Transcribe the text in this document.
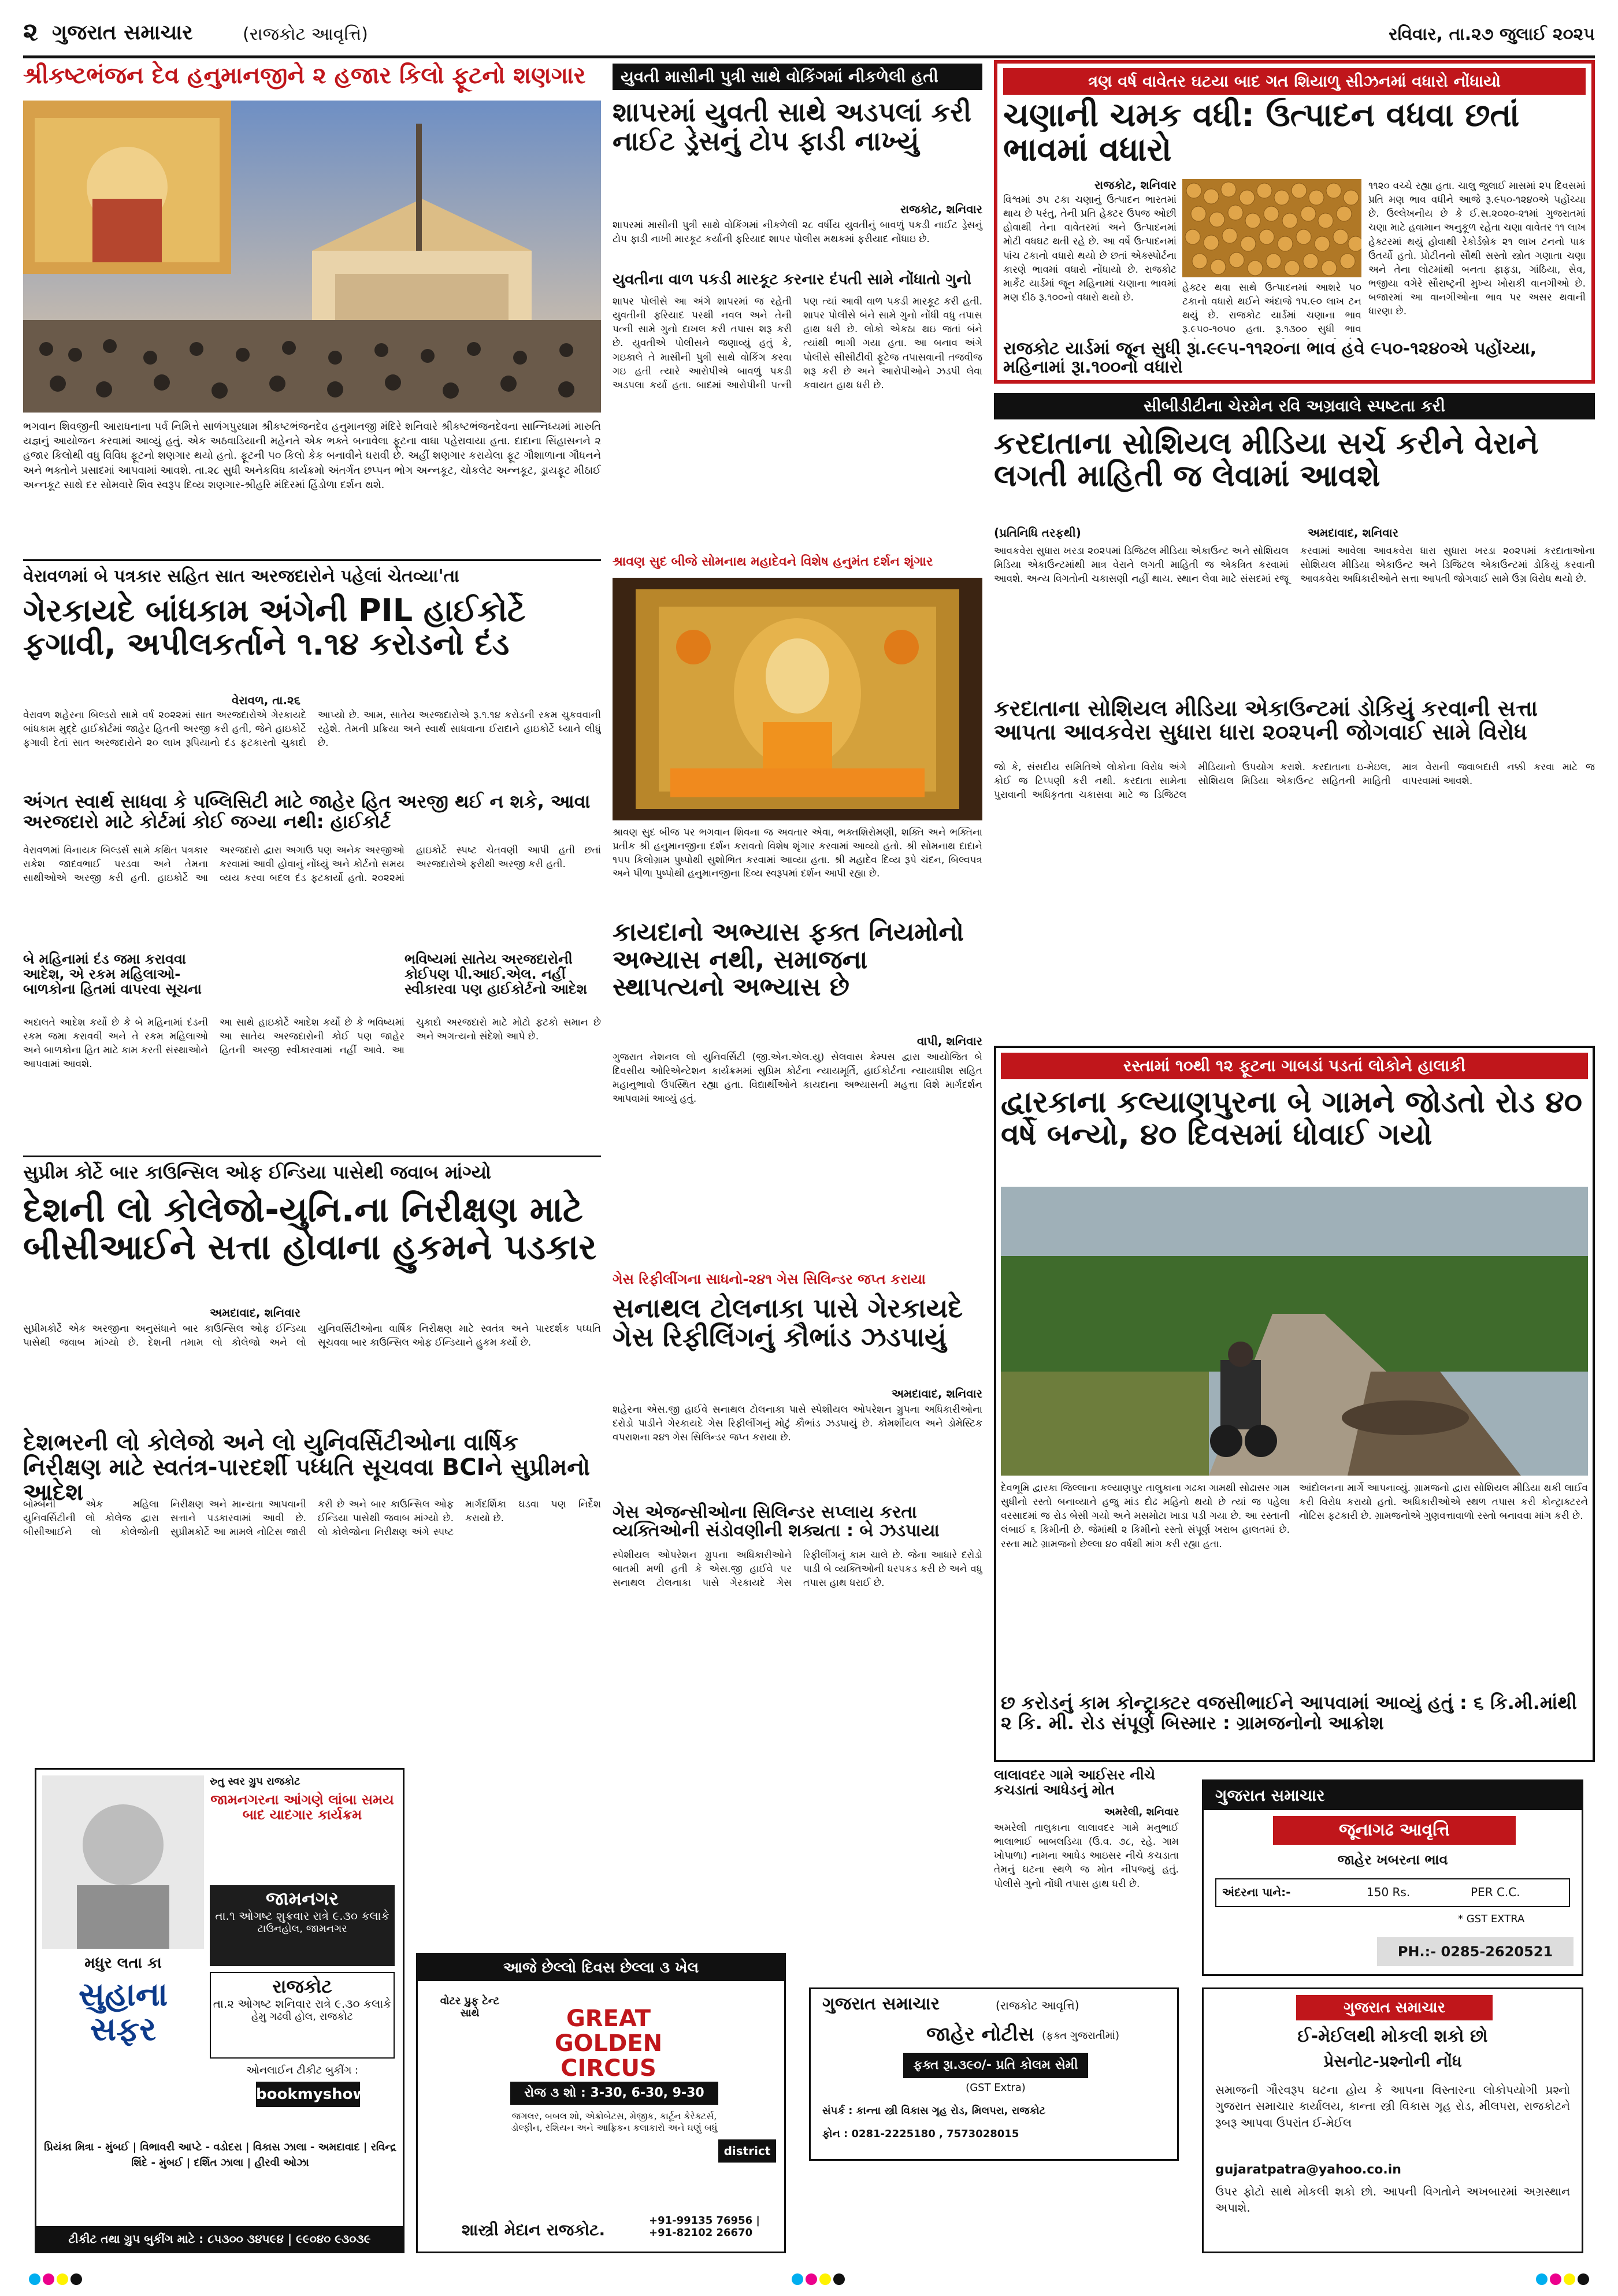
૨ ગુજરાત સમાચાર	(રાજકોટ આવૃત્તિ)	રવિવાર, તા.૨૭ જુલાઈ ૨૦૨૫
શ્રીકષ્ટભંજન દેવ હનુમાનજીને ૨ હજાર કિલો ફૂટનો શણગાર
ભગવાન શિવજીની આરાધનાના પર્વ નિમિત્તે સાળંગપુરધામ શ્રીકષ્ટભંજનદેવ હનુમાનજી મંદિરે શનિવારે શ્રીકષ્ટભંજનદેવના સાન્નિધ્યમાં મારુતિ યજ્ઞનું આયોજન કરવામાં આવ્યું હતું. એક અઠવાડિયાની મહેનતે એક ભક્તે બનાવેલા ફૂટના વાઘા પહેરાવાયા હતા. દાદાના સિંહાસનને ૨ હજાર કિલોથી વધુ વિવિધ ફૂટનો શણગાર થયો હતો. ફૂટની ૫૦ કિલો કેક બનાવીને ધરાવી છે. અહીં શણગાર કરાયેલા ફૂટ ગૌશાળાના ગૌધનને અને ભક્તોને પ્રસાદમાં આપવામાં આવશે. તા.૨૮ સુધી અનેકવિધ કાર્યક્રમો અંતર્ગત છપ્પન ભોગ અન્નકૂટ, ચોકલેટ અન્નકૂટ, ડ્રાયફૂટ મીઠાઈ અન્નકૂટ સાથે દર સોમવારે શિવ સ્વરૂપ દિવ્ય શણગાર-શ્રીહરિ મંદિરમાં હિંડોળા દર્શન થશે.
યુવતી માસીની પુત્રી સાથે વોકિંગમાં નીકળેલી હતી
શાપરમાં યુવતી સાથે અડપલાં કરી નાઈટ ડ્રેસનું ટોપ ફાડી નાખ્યું
રાજકોટ, શનિવાર
શાપરમાં માસીની પુત્રી સાથે વોકિંગમાં નીકળેલી ૨૮ વર્ષીય યુવતીનું બાવળું પકડી નાઈટ ડ્રેસનું ટોપ ફાડી નાખી મારકૂટ કર્યાની ફરિયાદ શાપર પોલીસ મથકમાં ફરીયાદ નોંધાઇ છે.
યુવતીના વાળ પકડી મારકૂટ કરનાર દંપતી સામે નોંધાતો ગુનો
શાપર પોલીસે આ અંગે શાપરમાં જ રહેતી યુવતીની ફરિયાદ પરથી નવલ અને તેની પત્ની સામે ગુનો દાખલ કરી તપાસ શરૂ કરી છે. યુવતીએ પોલીસને જણાવ્યું હતું કે, ગઇકાલે તે માસીની પુત્રી સાથે વોકિંગ કરવા ગઇ હતી ત્યારે આરોપીએ બાવળું પકડી અડપલા કર્યા હતા. બાદમાં આરોપીની પત્ની પણ ત્યાં આવી વાળ પકડી મારકૂટ કરી હતી. શાપર પોલીસે બંને સામે ગુનો નોંધી વધુ તપાસ હાથ ધરી છે. લોકો એકઠા થઇ જતાં બંને ત્યાંથી ભાગી ગયા હતા. આ બનાવ અંગે પોલીસે સીસીટીવી ફૂટેજ તપાસવાની તજવીજ શરૂ કરી છે અને આરોપીઓને ઝડપી લેવા કવાયત હાથ ધરી છે.
ત્રણ વર્ષ વાવેતર ઘટયા બાદ ગત શિયાળુ સીઝનમાં વધારો નોંધાયો
ચણાની ચમક વધી: ઉત્પાદન વધવા છતાં ભાવમાં વધારો
રાજકોટ, શનિવાર
વિશ્વમાં ૭૫ ટકા ચણાનું ઉત્પાદન ભારતમાં થાય છે પરંતુ, તેની પ્રતિ હેક્ટર ઉપજ ઓછી હોવાથી તેના વાવેતરમાં અને ઉત્પાદનમાં મોટી વધઘટ થતી રહે છે. આ વર્ષે ઉત્પાદનમાં પાંચ ટકાનો વધારો થયો છે છતાં એક્સ્પોર્ટના કારણે ભાવમાં વધારો નોંધાયો છે. રાજકોટ માર્કેટ યાર્ડમાં જૂન મહિનામાં ચણાના ભાવમાં મણ દીઠ રૂ.૧૦૦નો વધારો થયો છે.
હેક્ટર થવા સાથે ઉત્પાદનમાં આશરે ૫૦ ટકાનો વધારો થઈને અંદાજે ૧૫.૯૦ લાખ ટન થયું છે. રાજકોટ યાર્ડમાં ચણાના ભાવ રૂ.૯૫૦-૧૦૫૦ હતા. રૂ.૧૩૦૦ સુધી ભાવ
૧૧૨૦ વચ્ચે રહ્યા હતા. ચાલુ જુલાઈ માસમાં ૨૫ દિવસમાં પ્રતિ મણ ભાવ વધીને આજે રૂ.૯૫૦-૧૨૪૦એ પહોંચ્યા છે. ઉલ્લેખનીય છે કે ઈ.સ.૨૦૨૦-૨૧માં ગુજરાતમાં ચણા માટે હવામાન અનુકૂળ રહેતા ચણા વાવેતર ૧૧ લાખ હેક્ટરમાં થયું હોવાથી રેકોર્ડબ્રેક ૨૧ લાખ ટનનો પાક ઉતર્યો હતો. પ્રોટીનનો સૌથી સસ્તો સ્ત્રોત ગણાતા ચણા અને તેના લોટમાંથી બનતા ફાફડા, ગાંઠિયા, સેવ, ભજીયા વગેરે સૌરાષ્ટ્રની મુખ્ય ખોરાકી વાનગીઓ છે. બજારમાં આ વાનગીઓના ભાવ પર અસર થવાની ધારણા છે.
રાજકોટ યાર્ડમાં જૂન સુધી રૂા.૯૯૫-૧૧૨૦ના ભાવ હવે ૯૫૦-૧૨૪૦એ પહોંચ્યા, મહિનામાં રૂા.૧૦૦નો વધારો
વેરાવળમાં બે પત્રકાર સહિત સાત અરજદારોને પહેલાં ચેતવ્યા'તા
ગેરકાયદે બાંધકામ અંગેની PIL હાઈકોર્ટે ફગાવી, અપીલકર્તાને ૧.૧૪ કરોડનો દંડ
વેરાવળ, તા.૨૬
વેરાવળ શહેરના બિલ્ડરો સામે વર્ષ ૨૦૨૨માં સાત અરજદારોએ ગેરકાયદે બાંધકામ મુદ્દે હાઈકોર્ટમાં જાહેર હિતની અરજી કરી હતી, જેને હાઇકોર્ટે ફગાવી દેતાં સાત અરજદારોને ૨૦ લાખ રૂપિયાનો દંડ ફટકારતો ચુકાદો આપ્યો છે. આમ, સાતેય અરજદારોએ રૂ.૧.૧૪ કરોડની રકમ ચુકવવાની રહેશે. તેમની પ્રક્રિયા અને સ્વાર્થ સાધવાના ઈરાદાને હાઇકોર્ટે ધ્યાને લીધું છે.
અંગત સ્વાર્થ સાધવા કે પબ્લિસિટી માટે જાહેર હિત અરજી થઈ ન શકે, આવા અરજદારો માટે કોર્ટમાં કોઈ જગ્યા નથી: હાઈકોર્ટ
વેરાવળમાં વિનાયક બિલ્ડર્સ સામે કથિત પત્રકાર રાકેશ જાદવભાઈ પરડવા અને તેમના સાથીઓએ અરજી કરી હતી. હાઇકોર્ટે આ અરજદારો દ્વારા અગાઉ પણ અનેક અરજીઓ કરવામાં આવી હોવાનું નોંધ્યું અને કોર્ટનો સમય વ્યય કરવા બદલ દંડ ફટકાર્યો હતો. ૨૦૨૨માં હાઇકોર્ટે સ્પષ્ટ ચેતવણી આપી હતી છતાં અરજદારોએ ફરીથી અરજી કરી હતી.
બે મહિનામાં દંડ જમા કરાવવા આદેશ, એ રકમ મહિલાઓ-બાળકોના હિતમાં વાપરવા સૂચના
અદાલતે આદેશ કર્યો છે કે બે મહિનામાં દંડની રકમ જમા કરાવવી અને તે રકમ મહિલાઓ અને બાળકોના હિત માટે કામ કરતી સંસ્થાઓને આપવામાં આવશે.
ભવિષ્યમાં સાતેય અરજદારોની કોઈપણ પી.આઈ.એલ. નહીં સ્વીકારવા પણ હાઈકોર્ટનો આદેશ
આ સાથે હાઇકોર્ટે આદેશ કર્યો છે કે ભવિષ્યમાં આ સાતેય અરજદારોની કોઈ પણ જાહેર હિતની અરજી સ્વીકારવામાં નહીં આવે. આ ચુકાદો અરજદારો માટે મોટો ફટકો સમાન છે અને અગત્યનો સંદેશો આપે છે.
શ્રાવણ સુદ બીજે સોમનાથ મહાદેવને વિશેષ હનુમંત દર્શન શૃંગાર
શ્રાવણ સુદ બીજ પર ભગવાન શિવના જ અવતાર એવા, ભક્તશિરોમણી, શક્તિ અને ભક્તિના પ્રતીક શ્રી હનુમાનજીના દર્શન કરાવતો વિશેષ શૃંગાર કરવામાં આવ્યો હતો. શ્રી સોમનાથ દાદાને ૧૫૫ કિલોગ્રામ પુષ્પોથી સુશોભિત કરવામાં આવ્યા હતા. શ્રી મહાદેવ દિવ્ય રૂપે ચંદન, બિલ્વપત્ર અને પીળા પુષ્પોથી હનુમાનજીના દિવ્ય સ્વરૂપમાં દર્શન આપી રહ્યા છે.
સીબીડીટીના ચેરમેન રવિ અગ્રવાલે સ્પષ્ટતા કરી
કરદાતાના સોશિયલ મીડિયા સર્ચ કરીને વેરાને લગતી માહિતી જ લેવામાં આવશે
(પ્રતિનિધિ તરફથી)	અમદાવાદ, શનિવાર
આવકવેરા સુધારા ખરડા ૨૦૨૫માં ડિજિટલ મીડિયા એકાઉન્ટ અને સોશિયલ મિડિયા એકાઉન્ટમાંથી માત્ર વેરાને લગતી માહિતી જ એકત્રિત કરવામાં આવશે. અન્ય વિગતોની ચકાસણી નહીં થાય. સ્થાન લેવા માટે સંસદમાં રજૂ કરવામાં આવેલા આવકવેરા ધારા સુધારા ખરડા ૨૦૨૫માં કરદાતાઓના સોશિયલ મીડિયા એકાઉન્ટ અને ડિજિટલ એકાઉન્ટમાં ડોકિયું કરવાની આવકવેરા અધિકારીઓને સત્તા આપતી જોગવાઈ સામે ઉગ્ર વિરોધ થયો છે.
કરદાતાના સોશિયલ મીડિયા એકાઉન્ટમાં ડોકિયું કરવાની સત્તા આપતા આવકવેરા સુધારા ધારા ૨૦૨૫ની જોગવાઈ સામે વિરોધ
જો કે, સંસદીય સમિતિએ લોકોના વિરોધ અંગે કોઈ જ ટિપ્પણી કરી નથી. કરદાતા સામેના પુરાવાની અધિકૃતતા ચકાસવા માટે જ ડિજિટલ મીડિયાનો ઉપયોગ કરાશે. કરદાતાના ઇ-મેઇલ, સોશિયલ મિડિયા એકાઉન્ટ સહિતની માહિતી માત્ર વેરાની જવાબદારી નક્કી કરવા માટે જ વાપરવામાં આવશે.
કાયદાનો અભ્યાસ ફક્ત નિયમોનો અભ્યાસ નથી, સમાજના સ્થાપત્યનો અભ્યાસ છે
વાપી, શનિવાર
ગુજરાત નેશનલ લો યુનિવર્સિટી (જી.એન.એલ.યુ) સેલવાસ કેમ્પસ દ્વારા આયોજિત બે દિવસીય ઓરિએન્ટેશન કાર્યક્રમમાં સુપ્રિમ કોર્ટના ન્યાયમૂર્તિ, હાઈકોર્ટના ન્યાયાધીશ સહિત મહાનુભાવો ઉપસ્થિત રહ્યા હતા. વિદ્યાર્થીઓને કાયદાના અભ્યાસની મહત્તા વિશે માર્ગદર્શન આપવામાં આવ્યું હતું.
સુપ્રીમ કોર્ટે બાર કાઉન્સિલ ઓફ ઈન્ડિયા પાસેથી જવાબ માંગ્યો
દેશની લો કોલેજો-યુનિ.ના નિરીક્ષણ માટે બીસીઆઈને સત્તા હોવાના હુકમને પડકાર
અમદાવાદ, શનિવાર
સુપ્રીમકોર્ટે એક અરજીના અનુસંધાને બાર કાઉન્સિલ ઓફ ઈન્ડિયા પાસેથી જવાબ માંગ્યો છે. દેશની તમામ લો કોલેજો અને લો યુનિવર્સિટીઓના વાર્ષિક નિરીક્ષણ માટે સ્વતંત્ર અને પારદર્શક પધ્ધતિ સૂચવવા બાર કાઉન્સિલ ઓફ ઈન્ડિયાને હુકમ કર્યો છે.
દેશભરની લો કોલેજો અને લો યુનિવર્સિટીઓના વાર્ષિક નિરીક્ષણ માટે સ્વતંત્ર-પારદર્શી પધ્ધતિ સૂચવવા BCIને સુપ્રીમનો આદેશ
બોમ્બેની એક મહિલા યુનિવર્સિટીની લો કોલેજ દ્વારા બીસીઆઈને લો કોલેજોની નિરીક્ષણ અને માન્યતા આપવાની સત્તાને પડકારવામાં આવી છે. સુપ્રીમકોર્ટે આ મામલે નોટિસ જારી કરી છે અને બાર કાઉન્સિલ ઓફ ઈન્ડિયા પાસેથી જવાબ માંગ્યો છે. લો કોલેજોના નિરીક્ષણ અંગે સ્પષ્ટ માર્ગદર્શિકા ઘડવા પણ નિર્દેશ કરાયો છે.
ગેસ રિફીલીંગના સાધનો-૨૪૧ ગેસ સિલિન્ડર જપ્ત કરાયા
સનાથલ ટોલનાકા પાસે ગેરકાયદે ગેસ રિફીલિંગનું કૌભાંડ ઝડપાયું
અમદાવાદ, શનિવાર
શહેરના એસ.જી હાઈવે સનાથલ ટોલનાકા પાસે સ્પેશીયલ ઓપરેશન ગ્રુપના અધિકારીઓના દરોડો પાડીને ગેરકાયદે ગેસ રિફીલીંગનું મોટું કૌભાંડ ઝડપાયું છે. કોમર્શીયલ અને ડોમેસ્ટિક વપરાશના ૨૪૧ ગેસ સિલિન્ડર જપ્ત કરાયા છે.
ગેસ એજન્સીઓના સિલિન્ડર સપ્લાય કરતા વ્યક્તિઓની સંડોવણીની શક્યતા : બે ઝડપાયા
સ્પેશીયલ ઓપરેશન ગ્રુપના અધિકારીઓને બાતમી મળી હતી કે એસ.જી હાઈવે પર સનાથલ ટોલનાકા પાસે ગેરકાયદે ગેસ રિફીલીંગનું કામ ચાલે છે. જેના આધારે દરોડો પાડી બે વ્યક્તિઓની ધરપકડ કરી છે અને વધુ તપાસ હાથ ધરાઈ છે.
રસ્તામાં ૧૦થી ૧૨ ફૂટના ગાબડાં પડતાં લોકોને હાલાકી
દ્વારકાના કલ્યાણપુરના બે ગામને જોડતો રોડ ૪૦ વર્ષે બન્યો, ૪૦ દિવસમાં ધોવાઈ ગયો
દેવભૂમિ દ્વારકા જિલ્લાના કલ્યાણપુર તાલુકાના ગઢકા ગામથી સોઢાસર ગામ સુધીનો રસ્તો બનાવ્યાને હજુ માંડ દોઢ મહિનો થયો છે ત્યાં જ પહેલા વરસાદમાં જ રોડ બેસી ગયો અને મસમોટા ખાડા પડી ગયા છે. આ રસ્તાની લંબાઈ ૬ કિમીની છે. જેમાંથી ૨ કિમીનો રસ્તો સંપૂર્ણ ખરાબ હાલતમાં છે. રસ્તા માટે ગ્રામજનો છેલ્લા ૪૦ વર્ષથી માંગ કરી રહ્યા હતા.
આંદોલનના માર્ગે આપનાવ્યું. ગ્રામજનો દ્વારા સોશિયલ મીડિયા થકી લાઈવ કરી વિરોધ કરાયો હતો. અધિકારીઓએ સ્થળ તપાસ કરી કોન્ટ્રાક્ટરને નોટિસ ફટકારી છે. ગ્રામજનોએ ગુણવત્તાવાળો રસ્તો બનાવવા માંગ કરી છે.
છ કરોડનું કામ કોન્ટ્રાક્ટર વજસીભાઈને આપવામાં આવ્યું હતું : ૬ કિ.મી.માંથી ૨ કિ. મી. રોડ સંપૂર્ણ બિસ્માર : ગ્રામજનોનો આક્રોશ
લાલાવદર ગામે આઈસર નીચે કચડાતાં આધેડનું મોત
અમરેલી, શનિવાર
અમરેલી તાલુકાના લાલાવદર ગામે મનુભાઈ ભાલાભાઈ બાબલડિયા (ઉ.વ. ૭૮, રહે. ગામ ખોપાળા) નામના આધેડ આઇસર નીચે કચડાતા તેમનું ઘટના સ્થળે જ મોત નીપજ્યું હતું. પોલીસે ગુનો નોંધી તપાસ હાથ ધરી છે.
રુતુ સ્વર ગ્રુપ રાજકોટ
જામનગરના આંગણે લાંબા સમય બાદ યાદગાર કાર્યક્રમ
મધુર લતા કા
સુહાના સફર
જામનગર
તા.૧ ઓગષ્ટ શુક્રવાર રાત્રે ૯.૩૦ કલાકે
ટાઉનહોલ, જામનગર
રાજકોટ
તા.૨ ઓગષ્ટ શનિવાર રાત્રે ૯.૩૦ કલાકે
હેમુ ગઢવી હોલ, રાજકોટ
ઓનલાઈન ટીકીટ બુકીંગ :
bookmyshow
પ્રિયંકા મિત્રા - મુંબઈ | વિભાવરી આપ્ટે - વડોદરા | વિકાસ ઝાલા - અમદાવાદ | રવિન્દ્ર શિંદે - મુંબઈ | દર્શિત ઝાલા | હીરવી ઓઝા
ટીકીટ તથા ગ્રુપ બુકીંગ માટે : ૮૫૩૦૦ ૩૪૫૯૪ | ૯૯૦૪૦ ૯૩૦૩૯
આજે છેલ્લો દિવસ છેલ્લા ૩ ખેલ
વોટર પ્રુફ ટેન્ટ સાથે	GREAT GOLDEN CIRCUS
રોજ ૩ શો : 3-30, 6-30, 9-30
જગલર, બબલ શો, એક્રોબેટસ, મેજીક, કાર્ટૂન કેરેક્ટર્સ, ડોલ્ફીન, રશિયન અને આફ્રિકન કલાકારો અને ઘણું બધું
district
શાસ્ત્રી મેદાન રાજકોટ.	+91-99135 76956 | +91-82102 26670
ગુજરાત સમાચાર	(રાજકોટ આવૃત્તિ)
જાહેર નોટીસ (ફક્ત ગુજરાતીમાં)
ફક્ત રૂા.૩૯૦/- પ્રતિ કોલમ સેમી
(GST Extra)
સંપર્ક : કાન્તા સ્ત્રી વિકાસ ગૃહ રોડ, મિલપરા, રાજકોટ
ફોન : 0281-2225180 , 7573028015
ગુજરાત સમાચાર
જૂનાગઢ આવૃત્તિ
જાહેર ખબરના ભાવ
અંદરના પાને:-	150 Rs.	PER C.C.
* GST EXTRA
PH.:- 0285-2620521
ગુજરાત સમાચાર
ઈ-મેઈલથી મોકલી શકો છો
પ્રેસનોટ-પ્રશ્નોની નોંધ
સમાજની ગૌરવરૂપ ઘટના હોય કે આપના વિસ્તારના લોકોપયોગી પ્રશ્નો ગુજરાત સમાચાર કાર્યાલય, કાન્તા સ્ત્રી વિકાસ ગૃહ રોડ, મીલપરા, રાજકોટને રૂબરૂ આપવા ઉપરાંત ઈ-મેઈલ
gujaratpatra@yahoo.co.in
ઉપર ફોટો સાથે મોકલી શકો છો. આપની વિગતોને અખબારમાં અગ્રસ્થાન અપાશે.
